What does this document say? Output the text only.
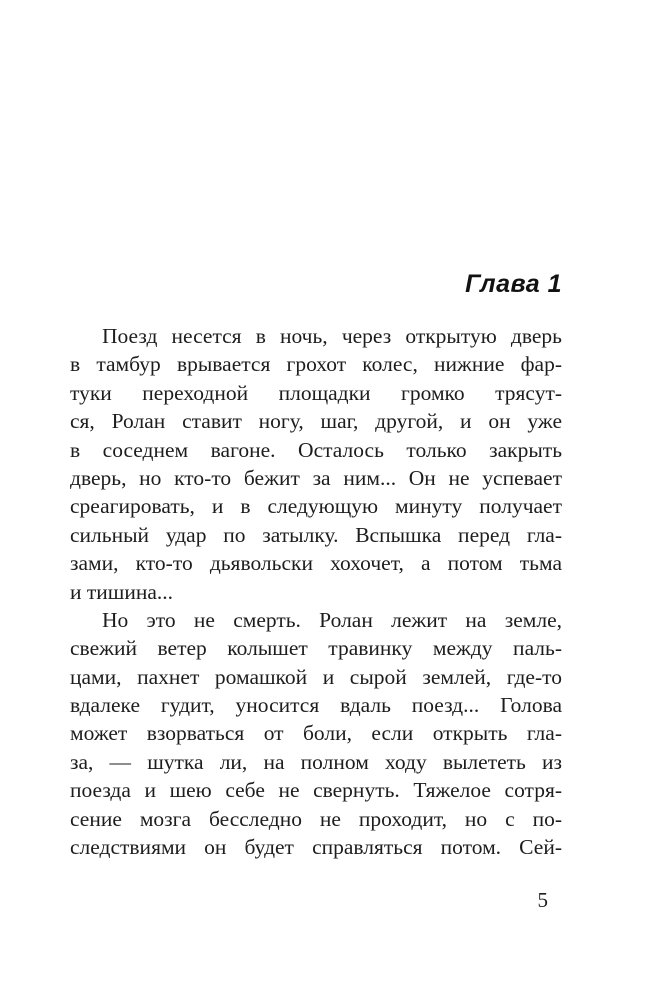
Глава 1
Поезд несется в ночь, через открытую дверь
в тамбур врывается грохот колес, нижние фар-
туки переходной площадки громко трясут-
ся, Ролан ставит ногу, шаг, другой, и он уже
в соседнем вагоне. Осталось только закрыть
дверь, но кто-то бежит за ним... Он не успевает
среагировать, и в следующую минуту получает
сильный удар по затылку. Вспышка перед гла-
зами, кто-то дьявольски хохочет, а потом тьма
и тишина...
Но это не смерть. Ролан лежит на земле,
свежий ветер колышет травинку между паль-
цами, пахнет ромашкой и сырой землей, где-то
вдалеке гудит, уносится вдаль поезд... Голова
может взорваться от боли, если открыть гла-
за, — шутка ли, на полном ходу вылететь из
поезда и шею себе не свернуть. Тяжелое сотря-
сение мозга бесследно не проходит, но с по-
следствиями он будет справляться потом. Сей-
5
